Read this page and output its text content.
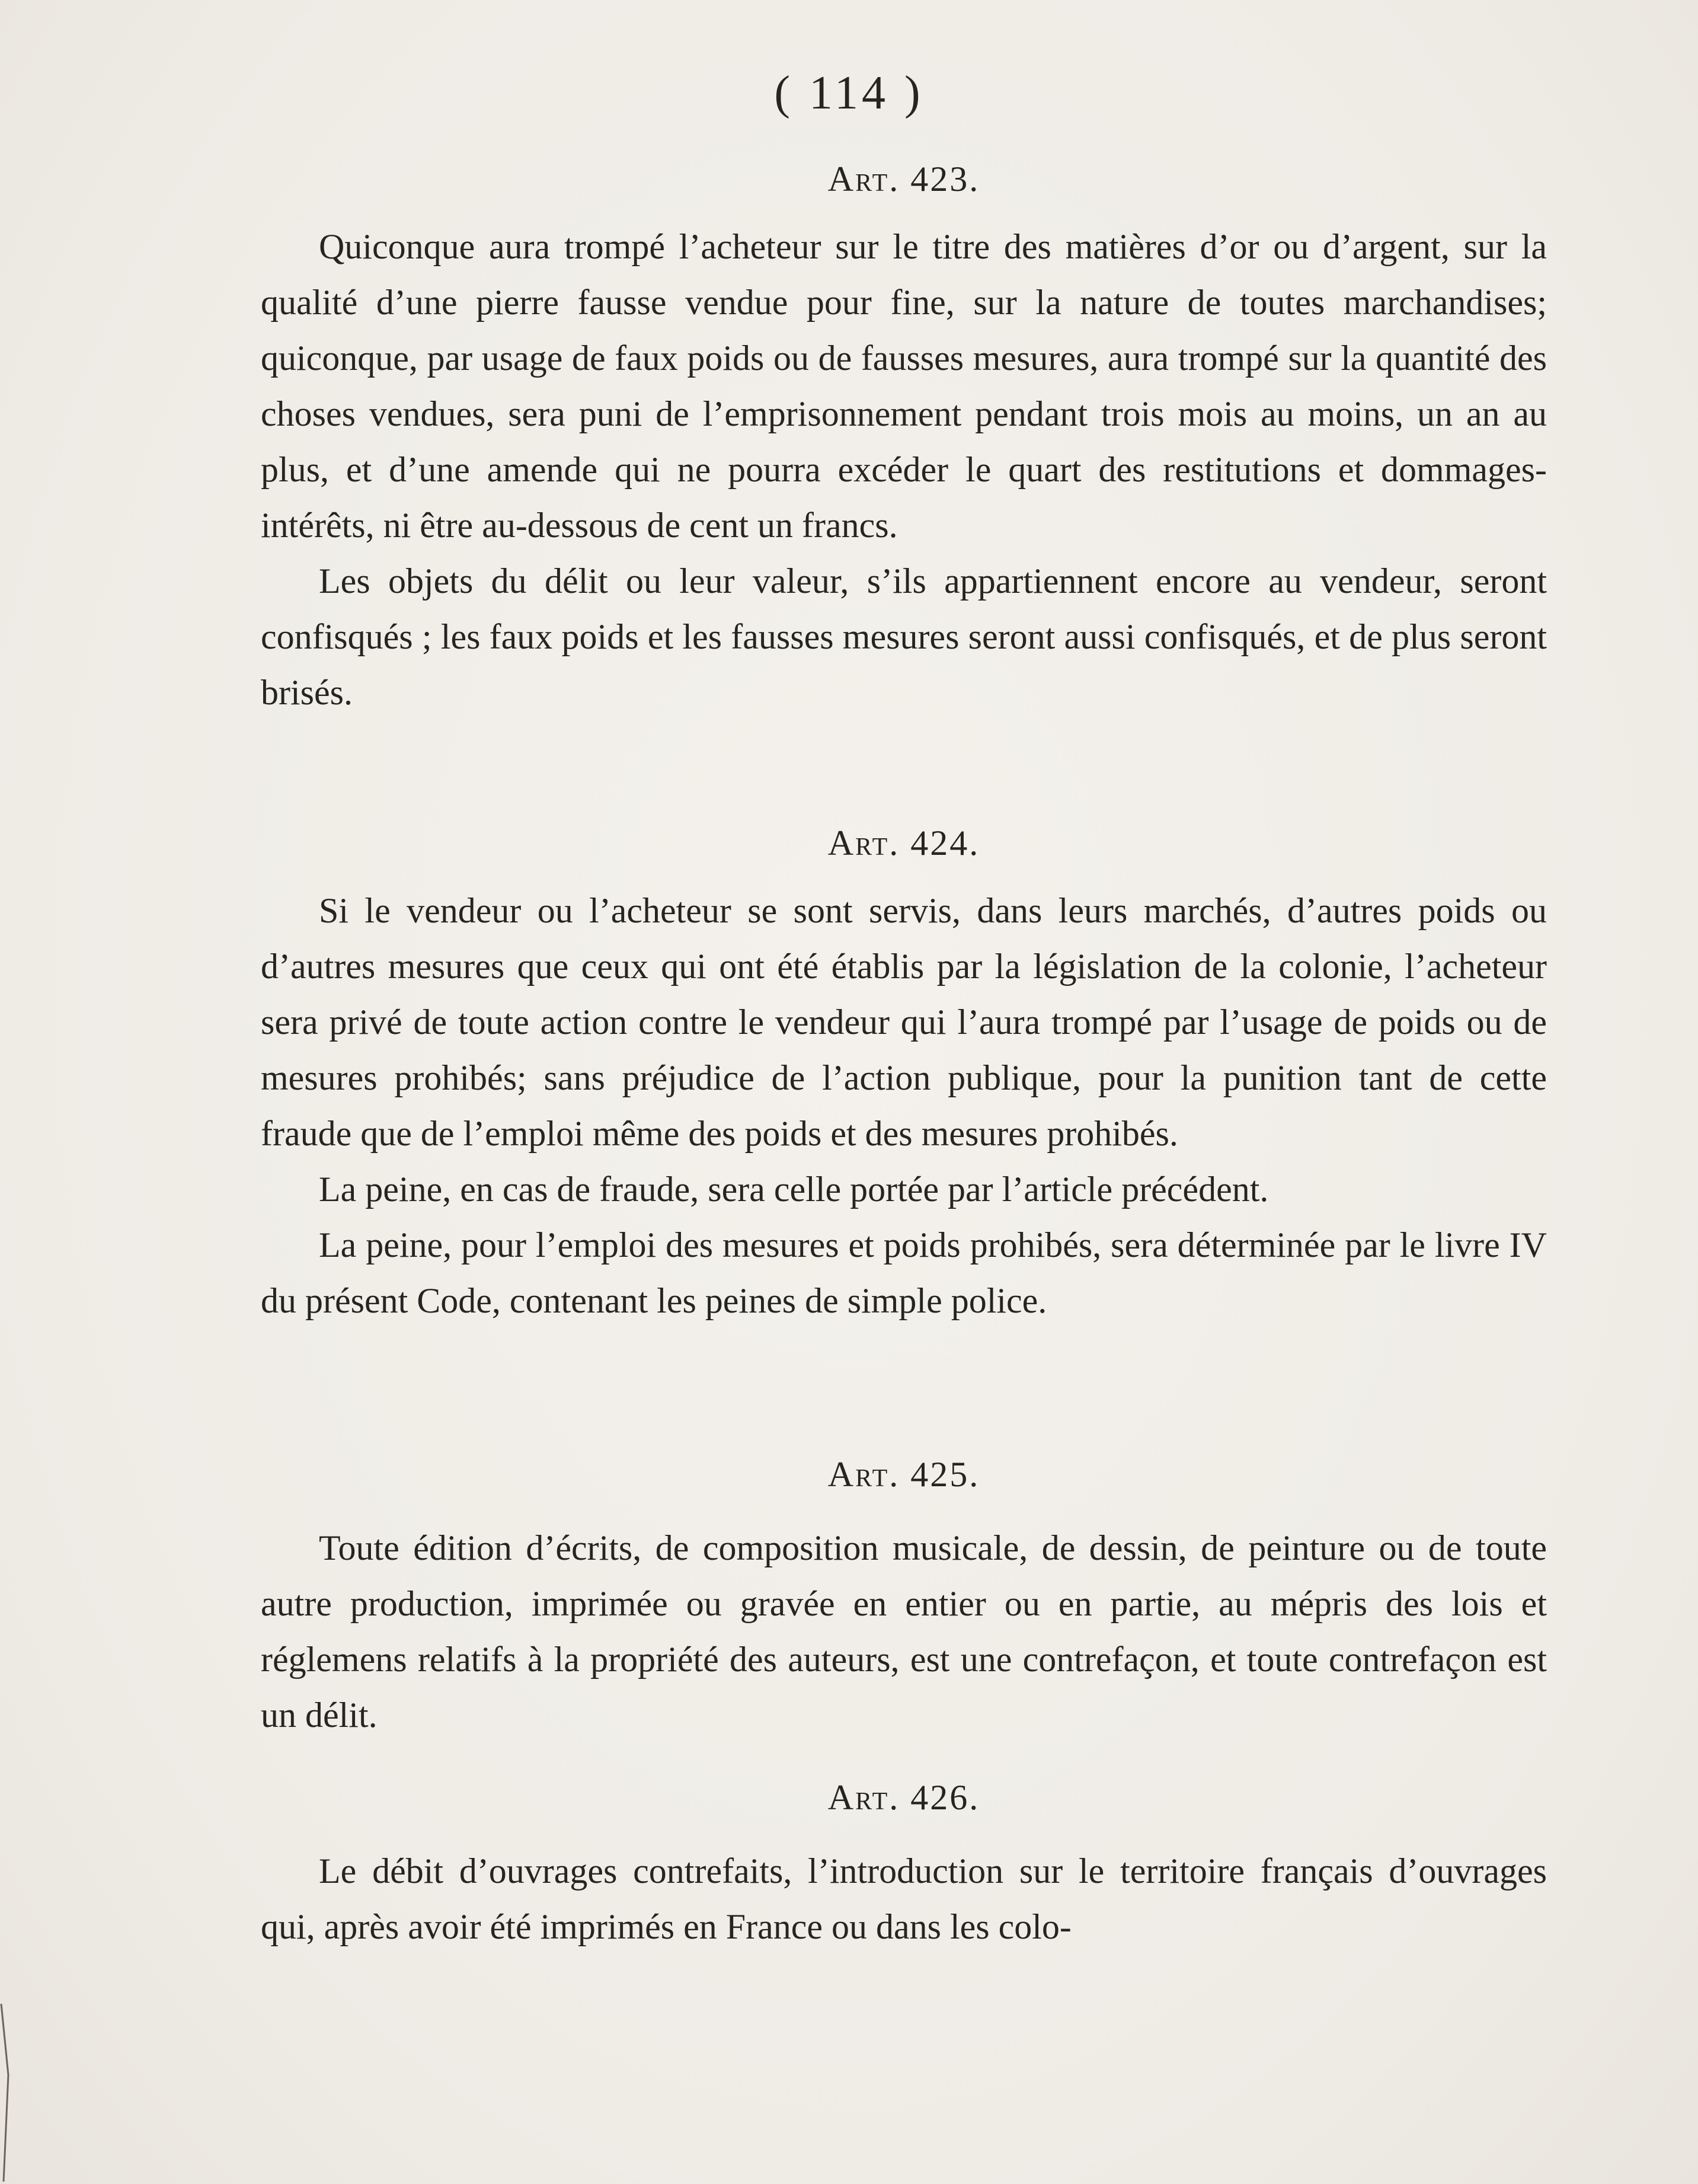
( 114 )
Art. 423.

Quiconque aura trompé l’acheteur sur le titre des matières d’or ou d’argent, sur la qualité d’une pierre fausse vendue pour fine, sur la nature de toutes marchandises; quiconque, par usage de faux poids ou de fausses mesures, aura trompé sur la quantité des choses vendues, sera puni de l’emprisonnement pendant trois mois au moins, un an au plus, et d’une amende qui ne pourra excéder le quart des restitutions et dommages-intérêts, ni être au-dessous de cent un francs.

Les objets du délit ou leur valeur, s’ils appartiennent encore au vendeur, seront confisqués ; les faux poids et les fausses mesures seront aussi confisqués, et de plus seront brisés.

Art. 424.

Si le vendeur ou l’acheteur se sont servis, dans leurs marchés, d’autres poids ou d’autres mesures que ceux qui ont été établis par la législation de la colonie, l’acheteur sera privé de toute action contre le vendeur qui l’aura trompé par l’usage de poids ou de mesures prohibés; sans préjudice de l’action publique, pour la punition tant de cette fraude que de l’emploi même des poids et des mesures prohibés.

La peine, en cas de fraude, sera celle portée par l’article précédent.

La peine, pour l’emploi des mesures et poids prohibés, sera déterminée par le livre IV du présent Code, contenant les peines de simple police.

Art. 425.

Toute édition d’écrits, de composition musicale, de dessin, de peinture ou de toute autre production, imprimée ou gravée en entier ou en partie, au mépris des lois et réglemens relatifs à la propriété des auteurs, est une contrefaçon, et toute contrefaçon est un délit.

Art. 426.

Le débit d’ouvrages contrefaits, l’introduction sur le territoire français d’ouvrages qui, après avoir été imprimés en France ou dans les colo-
